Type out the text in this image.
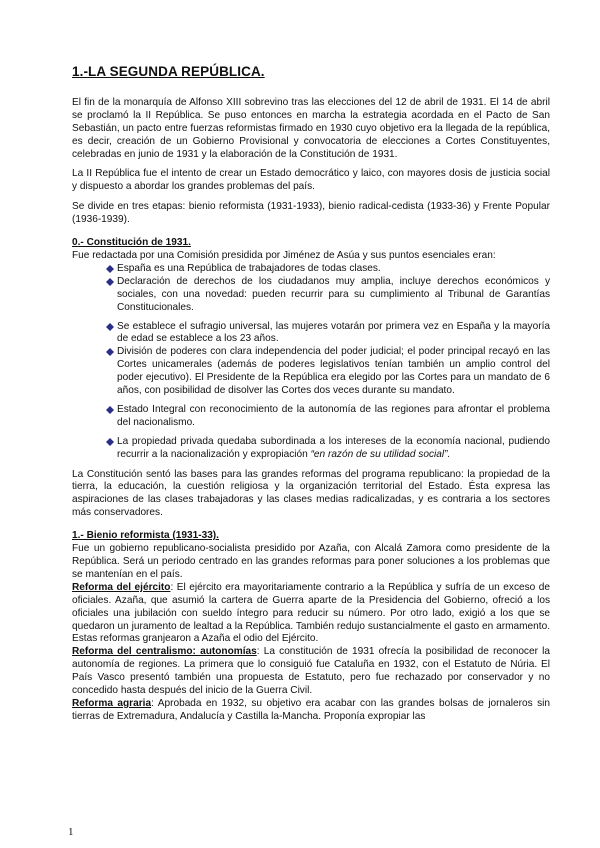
1.-LA SEGUNDA REPÚBLICA.

El fin de la monarquía de Alfonso XIII sobrevino tras las elecciones del 12 de abril de 1931. El 14 de abril se proclamó la II República. Se puso entonces en marcha la estrategia acordada en el Pacto de San Sebastián, un pacto entre fuerzas reformistas firmado en 1930 cuyo objetivo era la llegada de la república, es decir, creación de un Gobierno Provisional y convocatoria de elecciones a Cortes Constituyentes, celebradas en junio de 1931 y la elaboración de la Constitución de 1931.

La II República fue el intento de crear un Estado democrático y laico, con mayores dosis de justicia social y dispuesto a abordar los grandes problemas del país.

Se divide en tres etapas: bienio reformista (1931-1933), bienio radical-cedista (1933-36) y Frente Popular (1936-1939).

0.- Constitución de 1931.

Fue redactada por una Comisión presidida por Jiménez de Asúa y sus puntos esenciales eran:

España es una República de trabajadores de todas clases.
Declaración de derechos de los ciudadanos muy amplia, incluye derechos económicos y sociales, con una novedad: pueden recurrir para su cumplimiento al Tribunal de Garantías Constitucionales.
Se establece el sufragio universal, las mujeres votarán por primera vez en España y la mayoría de edad se establece a los 23 años.
División de poderes con clara independencia del poder judicial; el poder principal recayó en las Cortes unicamerales (además de poderes legislativos tenían también un amplio control del poder ejecutivo). El Presidente de la República era elegido por las Cortes para un mandato de 6 años, con posibilidad de disolver las Cortes dos veces durante su mandato.
Estado Integral con reconocimiento de la autonomía de las regiones para afrontar el problema del nacionalismo.
La propiedad privada quedaba subordinada a los intereses de la economía nacional, pudiendo recurrir a la nacionalización y expropiación “en razón de su utilidad social”.

La Constitución sentó las bases para las grandes reformas del programa republicano: la propiedad de la tierra, la educación, la cuestión religiosa y la organización territorial del Estado. Ésta expresa las aspiraciones de las clases trabajadoras y las clases medias radicalizadas, y es contraria a los sectores más conservadores.

1.- Bienio reformista (1931-33).

Fue un gobierno republicano-socialista presidido por Azaña, con Alcalá Zamora como presidente de la República. Será un periodo centrado en las grandes reformas para poner soluciones a los problemas que se mantenían en el país.

Reforma del ejército: El ejército era mayoritariamente contrario a la República y sufría de un exceso de oficiales. Azaña, que asumió la cartera de Guerra aparte de la Presidencia del Gobierno, ofreció a los oficiales una jubilación con sueldo íntegro para reducir su número. Por otro lado, exigió a los que se quedaron un juramento de lealtad a la República. También redujo sustancialmente el gasto en armamento. Estas reformas granjearon a Azaña el odio del Ejército.

Reforma del centralismo: autonomías: La constitución de 1931 ofrecía la posibilidad de reconocer la autonomía de regiones. La primera que lo consiguió fue Cataluña en 1932, con el Estatuto de Núria. El País Vasco presentó también una propuesta de Estatuto, pero fue rechazado por conservador y no concedido hasta después del inicio de la Guerra Civil.

Reforma agraria: Aprobada en 1932, su objetivo era acabar con las grandes bolsas de jornaleros sin tierras de Extremadura, Andalucía y Castilla la-Mancha. Proponía expropiar las

1
